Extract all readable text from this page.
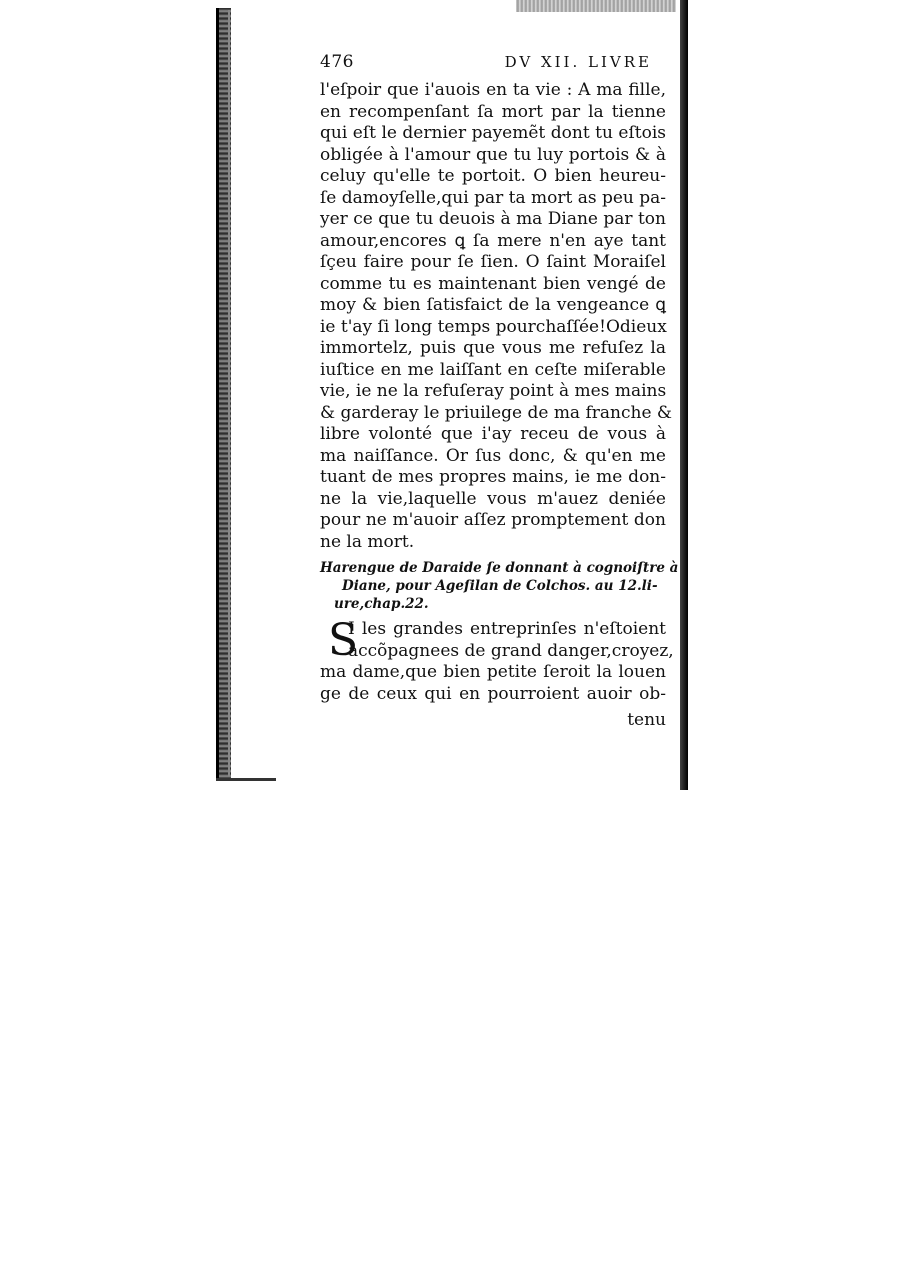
476	DV XII. LIVRE
l'eſpoir que i'auois en ta vie : A ma fille,
en recompenſant ſa mort par la tienne
qui eſt le dernier payemẽt dont tu eſtois
obligée à l'amour que tu luy portois & à
celuy qu'elle te portoit. O bien heureu-
ſe damoyſelle,qui par ta mort as peu pa-
yer ce que tu deuois à ma Diane par ton
amour,encores ꝗ ſa mere n'en aye tant
ſçeu faire pour ſe ſien. O ſaint Moraiſel
comme tu es maintenant bien vengé de
moy & bien ſatisfaict de la vengeance ꝗ
ie t'ay ſi long temps pourchaſſée!Odieux
immortelz, puis que vous me refuſez la
iuſtice en me laiſſant en ceſte miſerable
vie, ie ne la refuſeray point à mes mains
& garderay le priuilege de ma franche &
libre volonté que i'ay receu de vous à
ma naiſſance. Or ſus donc, & qu'en me
tuant de mes propres mains, ie me don-
ne la vie,laquelle vous m'auez deniée
pour ne m'auoir aſſez promptement don
ne la mort.
Harengue de Daraide ſe donnant à cognoiſtre à
Diane, pour Ageſilan de Colchos. au 12.li-
ure,chap.22.
S
I les grandes entreprinſes n'eſtoient
accõpagnees de grand danger,croyez,
ma dame,que bien petite ſeroit la louen
ge de ceux qui en pourroient auoir ob-
tenu
